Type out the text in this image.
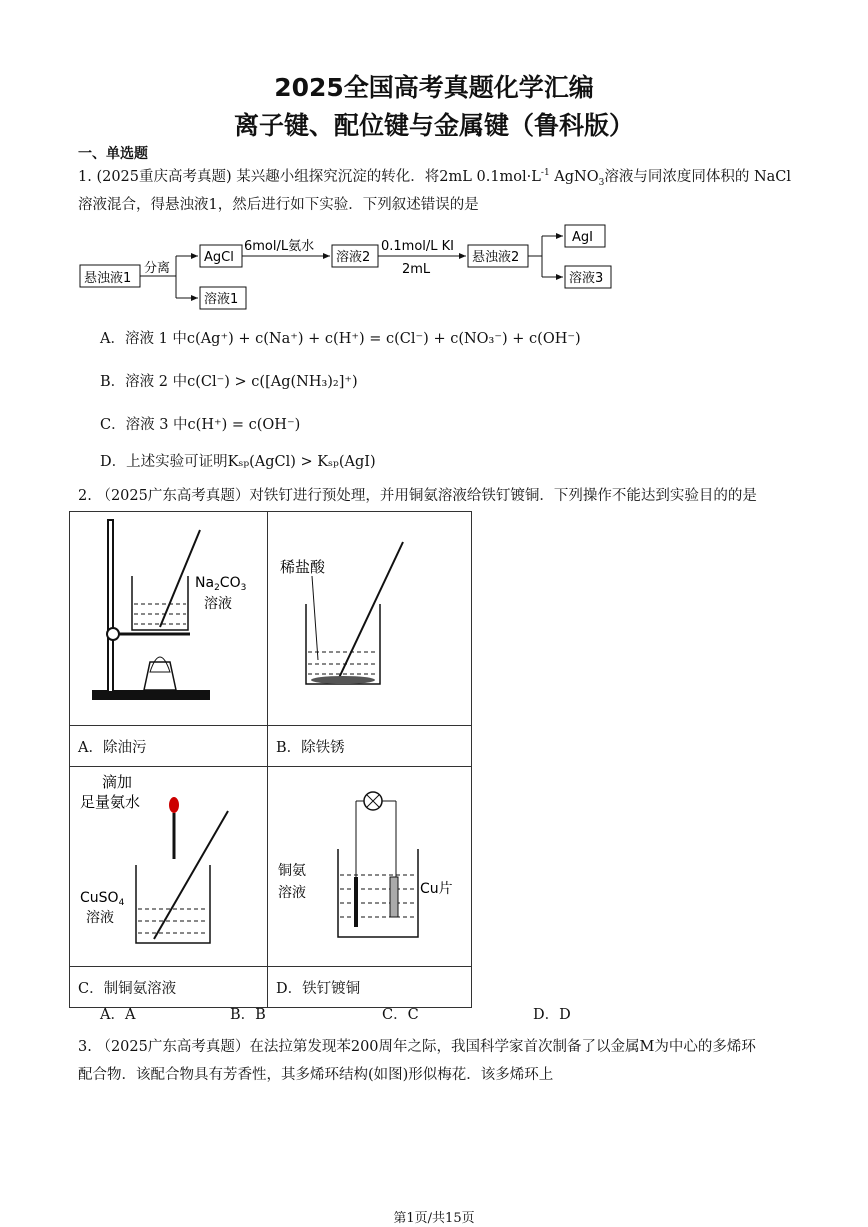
2025全国高考真题化学汇编
离子键、配位键与金属键（鲁科版）
一、单选题
1. (2025重庆高考真题) 某兴趣小组探究沉淀的转化．将2mL $0.1mol\cdot L^{-1}$ AgNO$_3$溶液与同浓度同体积的 NaCl
溶液混合，得悬浊液1，然后进行如下实验．下列叙述错误的是
悬浊液1
分离
AgCl
溶液1
6mol/L氨水
溶液2
0.1mol/L KI
2mL
悬浊液2
AgI
溶液3
A．溶液 1 中c(Ag⁺) + c(Na⁺) + c(H⁺) = c(Cl⁻) + c(NO₃⁻) + c(OH⁻)
B．溶液 2 中c(Cl⁻) > c([Ag(NH₃)₂]⁺)
C．溶液 3 中c(H⁺) = c(OH⁻)
D．上述实验可证明Kₛₚ(AgCl) > Kₛₚ(AgI)
2. （2025广东高考真题）对铁钉进行预处理，并用铜氨溶液给铁钉镀铜．下列操作不能达到实验目的的是
$Na_2CO_3$
溶液	稀盐酸

A．除油污	B．除铁锈

滴加
足量氨水
CuSO$_4$
溶液	铜氨
溶液 Cu片

C．制铜氨溶液	D．铁钉镀铜
A．A	B．B	C．C	D．D
3. （2025广东高考真题）在法拉第发现苯200周年之际，我国科学家首次制备了以金属M为中心的多烯环
配合物．该配合物具有芳香性，其多烯环结构(如图)形似梅花．该多烯环上
第1页/共15页
